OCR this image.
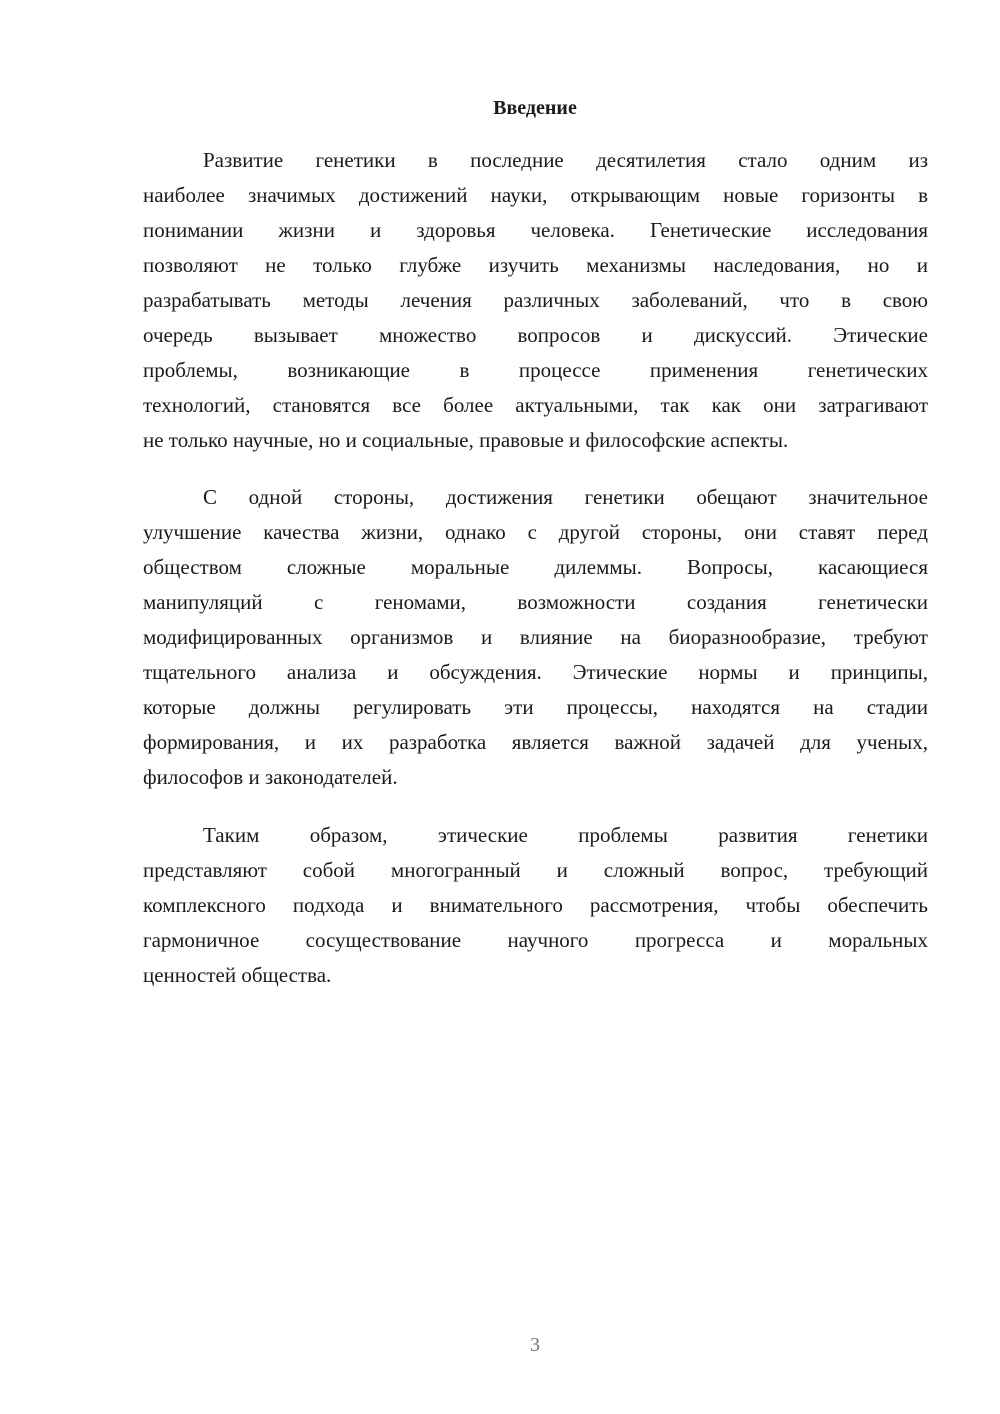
Введение
Развитие генетики в последние десятилетия стало одним из
наиболее значимых достижений науки, открывающим новые горизонты в
понимании жизни и здоровья человека. Генетические исследования
позволяют не только глубже изучить механизмы наследования, но и
разрабатывать методы лечения различных заболеваний, что в свою
очередь вызывает множество вопросов и дискуссий. Этические
проблемы, возникающие в процессе применения генетических
технологий, становятся все более актуальными, так как они затрагивают
не только научные, но и социальные, правовые и философские аспекты.
С одной стороны, достижения генетики обещают значительное
улучшение качества жизни, однако с другой стороны, они ставят перед
обществом сложные моральные дилеммы. Вопросы, касающиеся
манипуляций с геномами, возможности создания генетически
модифицированных организмов и влияние на биоразнообразие, требуют
тщательного анализа и обсуждения. Этические нормы и принципы,
которые должны регулировать эти процессы, находятся на стадии
формирования, и их разработка является важной задачей для ученых,
философов и законодателей.
Таким образом, этические проблемы развития генетики
представляют собой многогранный и сложный вопрос, требующий
комплексного подхода и внимательного рассмотрения, чтобы обеспечить
гармоничное сосуществование научного прогресса и моральных
ценностей общества.
3
